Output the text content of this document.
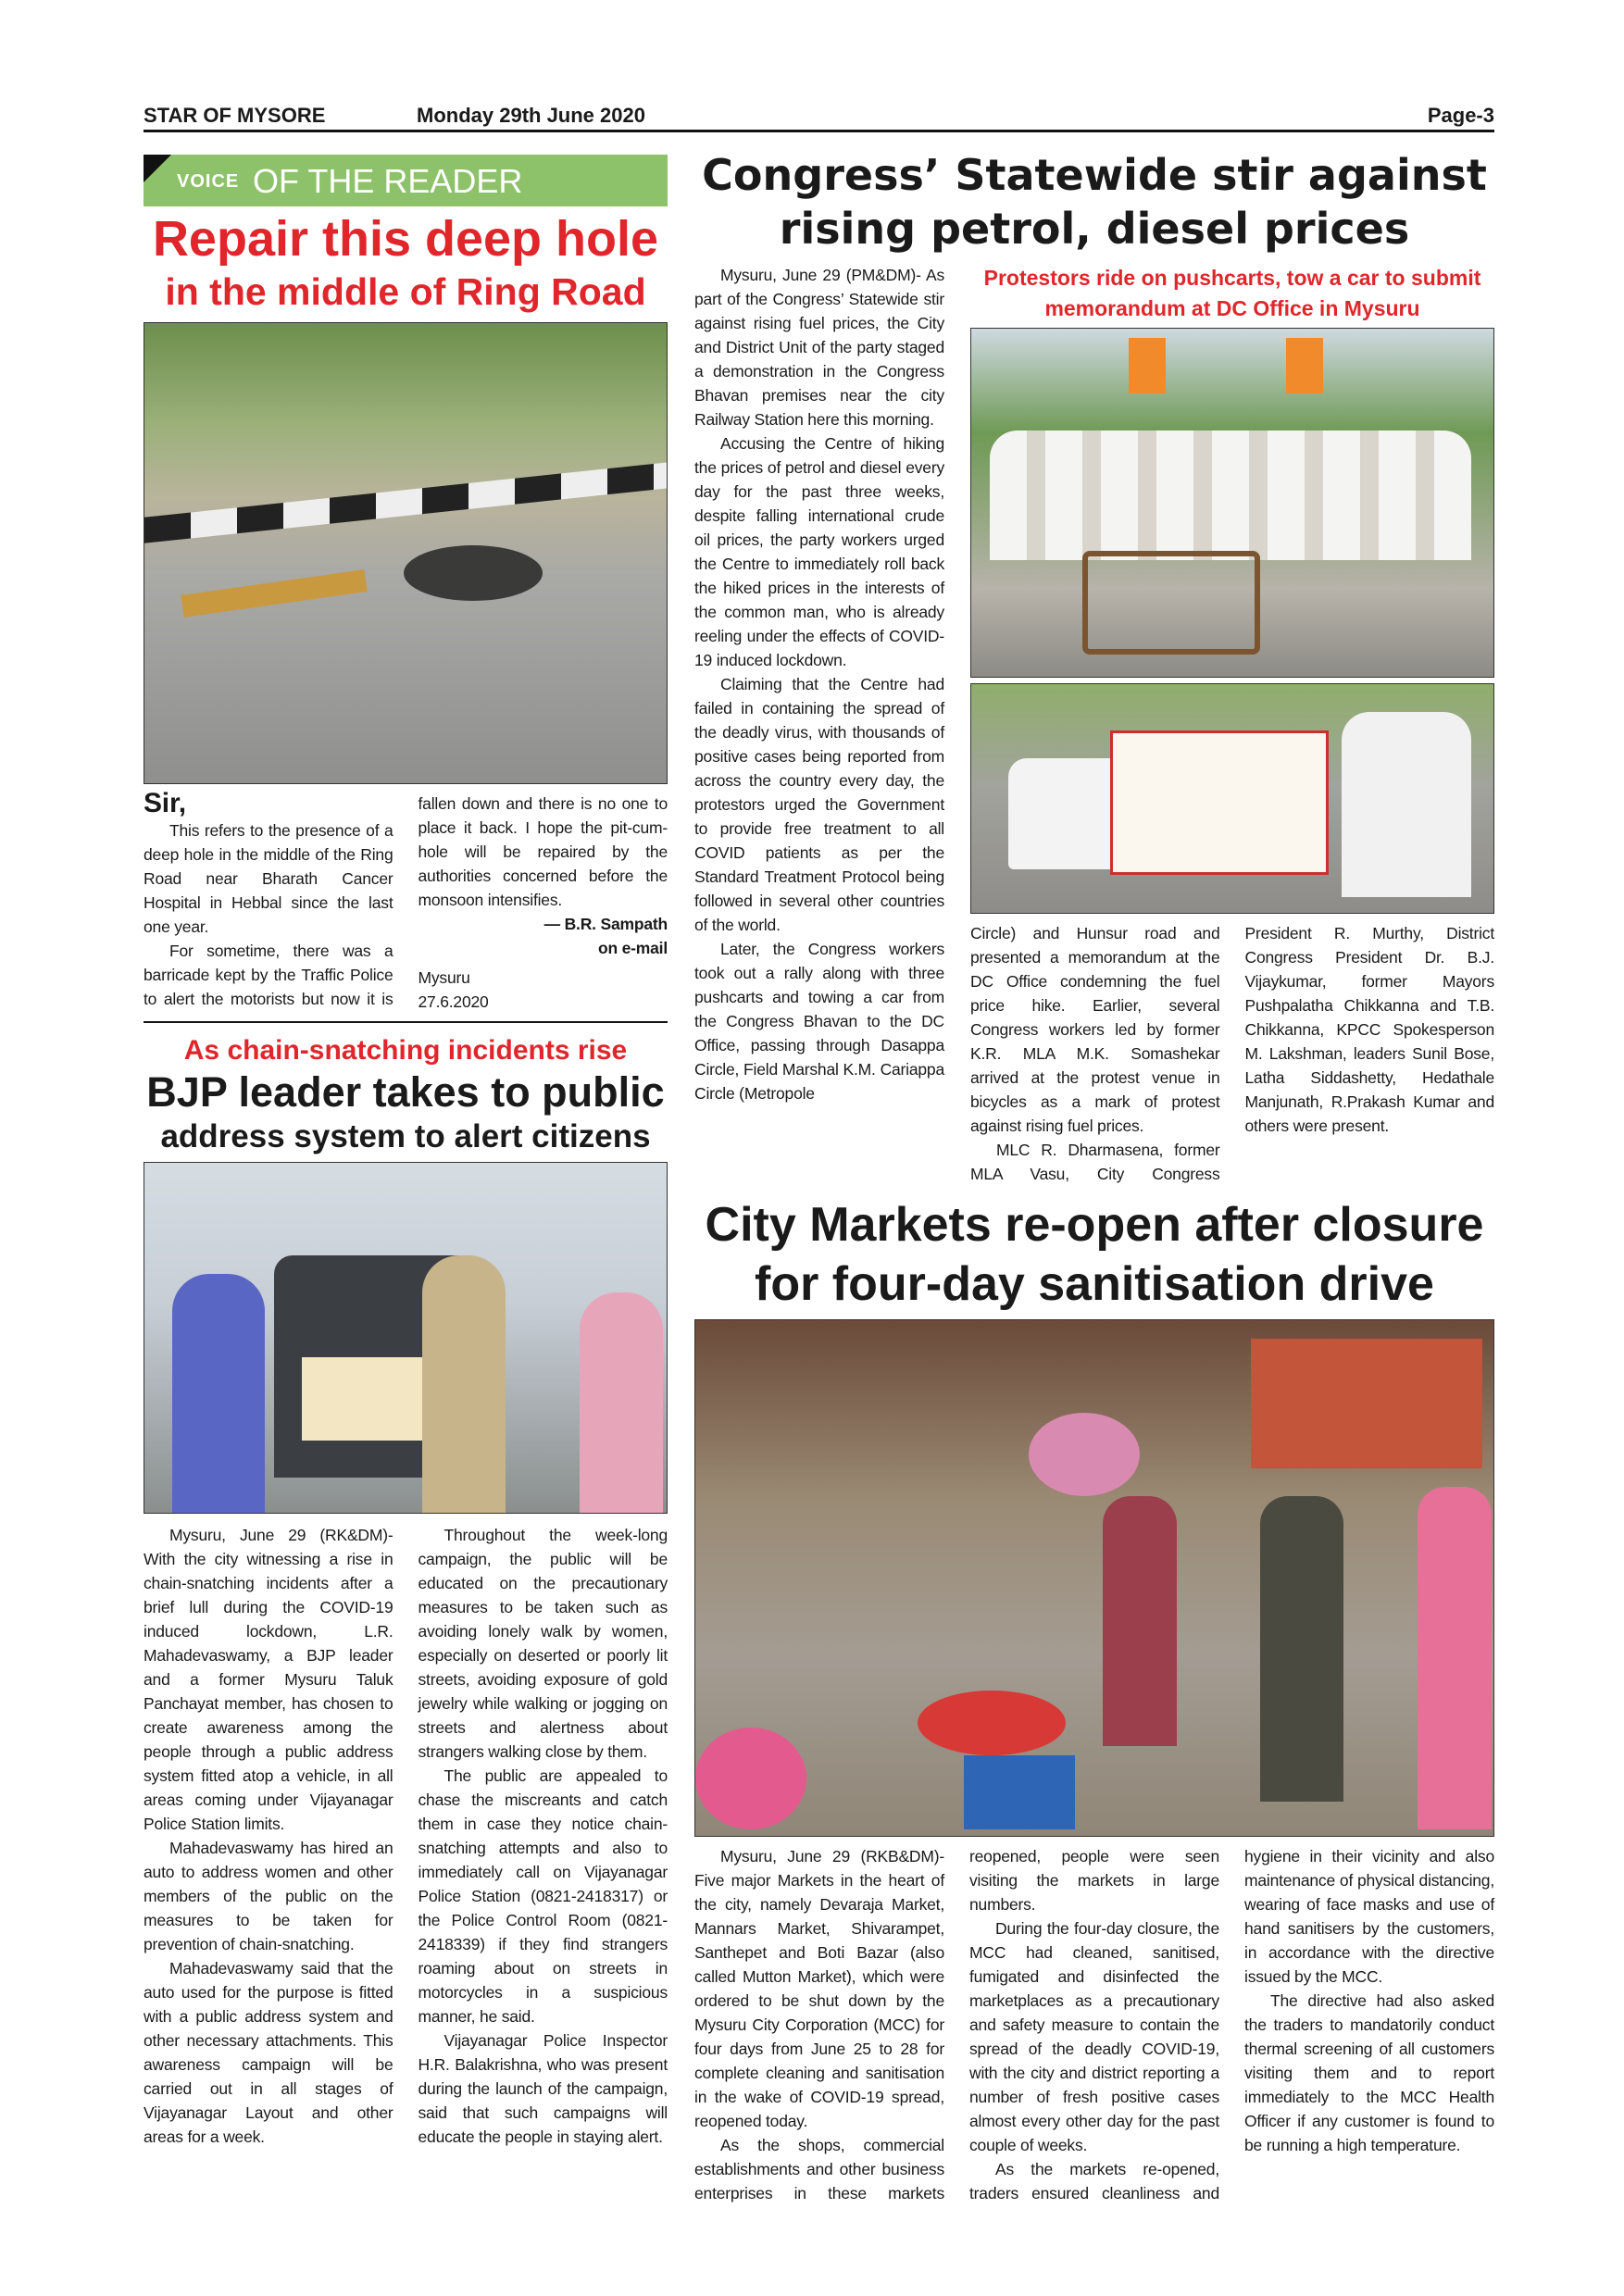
STAR OF MYSORE	Monday 29th June 2020	Page-3
VOICE OF THE READER
Repair this deep hole
in the middle of Ring Road

Sir,

This refers to the presence of a deep hole in the middle of the Ring Road near Bharath Cancer Hospital in Hebbal since the last one year.

For sometime, there was a barricade kept by the Traffic Police to alert the motorists but now it is fallen down and there is no one to place it back. I hope the pit-cum-hole will be repaired by the authorities concerned before the monsoon intensifies.

— B.R. Sampath

on e-mail

Mysuru

27.6.2020

As chain-snatching incidents rise
BJP leader takes to public
address system to alert citizens

Mysuru, June 29 (RK&DM)- With the city witnessing a rise in chain-snatching incidents after a brief lull during the COVID-19 induced lockdown, L.R. Mahadevaswamy, a BJP leader and a former Mysuru Taluk Panchayat member, has chosen to create awareness among the people through a public address system fitted atop a vehicle, in all areas coming under Vijayanagar Police Station limits.

Mahadevaswamy has hired an auto to address women and other members of the public on the measures to be taken for prevention of chain-snatching.

Mahadevaswamy said that the auto used for the purpose is fitted with a public address system and other necessary attachments. This awareness campaign will be carried out in all stages of Vijayanagar Layout and other areas for a week.

Throughout the week-long campaign, the public will be educated on the precautionary measures to be taken such as avoiding lonely walk by women, especially on deserted or poorly lit streets, avoiding exposure of gold jewelry while walking or jogging on streets and alertness about strangers walking close by them.

The public are appealed to chase the miscreants and catch them in case they notice chain-snatching attempts and also to immediately call on Vijayanagar Police Station (0821-2418317) or the Police Control Room (0821-2418339) if they find strangers roaming about on streets in motorcycles in a suspicious manner, he said.

Vijayanagar Police Inspector H.R. Balakrishna, who was present during the launch of the campaign, said that such campaigns will educate the people in staying alert.

Congress’ Statewide stir against
rising petrol, diesel prices

Mysuru, June 29 (PM&DM)- As part of the Congress’ Statewide stir against rising fuel prices, the City and District Unit of the party staged a demonstration in the Congress Bhavan premises near the city Railway Station here this morning.

Accusing the Centre of hiking the prices of petrol and diesel every day for the past three weeks, despite falling international crude oil prices, the party workers urged the Centre to immediately roll back the hiked prices in the interests of the common man, who is already reeling under the effects of COVID-19 induced lockdown.

Claiming that the Centre had failed in containing the spread of the deadly virus, with thousands of positive cases being reported from across the country every day, the protestors urged the Government to provide free treatment to all COVID patients as per the Standard Treatment Protocol being followed in several other countries of the world.

Later, the Congress workers took out a rally along with three pushcarts and towing a car from the Congress Bhavan to the DC Office, passing through Dasappa Circle, Field Marshal K.M. Cariappa Circle (Metropole

Protestors ride on pushcarts, tow a car to submit memorandum at DC Office in Mysuru

Circle) and Hunsur road and presented a memorandum at the DC Office condemning the fuel price hike. Earlier, several Congress workers led by former K.R. MLA M.K. Somashekar arrived at the protest venue in bicycles as a mark of protest against rising fuel prices.

MLC R. Dharmasena, former MLA Vasu, City Congress President R. Murthy, District Congress President Dr. B.J. Vijaykumar, former Mayors Pushpalatha Chikkanna and T.B. Chikkanna, KPCC Spokesperson M. Lakshman, leaders Sunil Bose, Latha Siddashetty, Hedathale Manjunath, R.Prakash Kumar and others were present.

City Markets re-open after closure
for four-day sanitisation drive

Mysuru, June 29 (RKB&DM)- Five major Markets in the heart of the city, namely Devaraja Market, Mannars Market, Shivarampet, Santhepet and Boti Bazar (also called Mutton Market), which were ordered to be shut down by the Mysuru City Corporation (MCC) for four days from June 25 to 28 for complete cleaning and sanitisation in the wake of COVID-19 spread, reopened today.

As the shops, commercial establishments and other business enterprises in these markets reopened, people were seen visiting the markets in large numbers.

During the four-day closure, the MCC had cleaned, sanitised, fumigated and disinfected the marketplaces as a precautionary and safety measure to contain the spread of the deadly COVID-19, with the city and district reporting a number of fresh positive cases almost every other day for the past couple of weeks.

As the markets re-opened, traders ensured cleanliness and hygiene in their vicinity and also maintenance of physical distancing, wearing of face masks and use of hand sanitisers by the customers, in accordance with the directive issued by the MCC.

The directive had also asked the traders to mandatorily conduct thermal screening of all customers visiting them and to report immediately to the MCC Health Officer if any customer is found to be running a high temperature.
